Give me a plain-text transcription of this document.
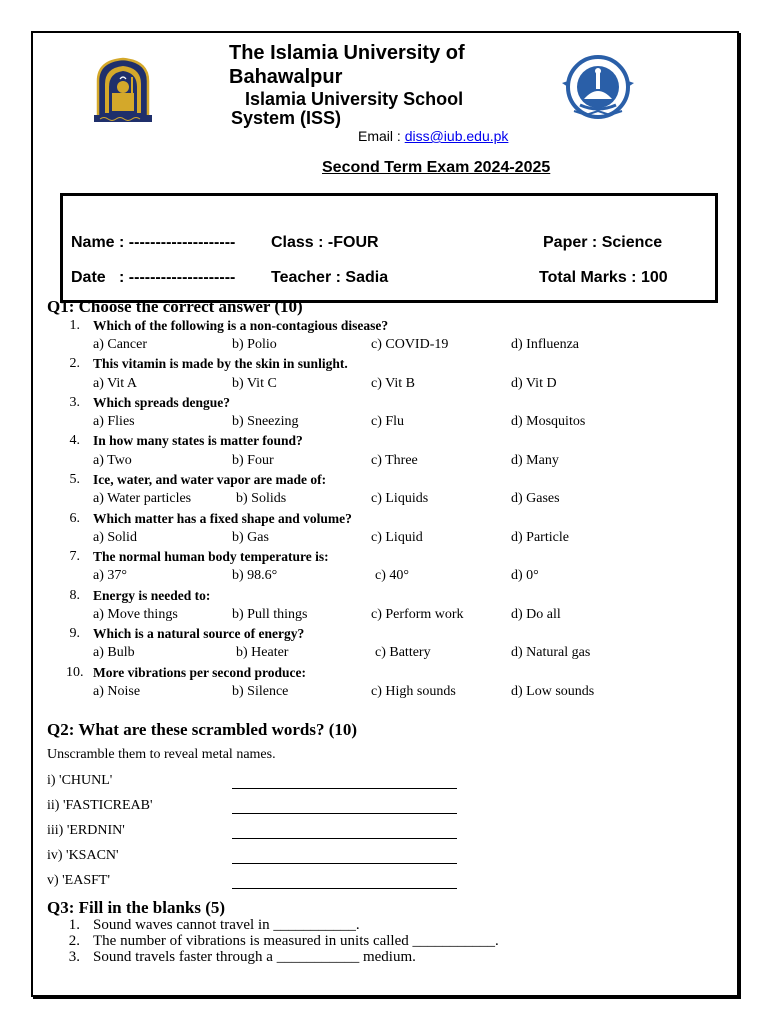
The Islamia University of
Bahawalpur
Islamia University School
System (ISS)
Email : diss@iub.edu.pk
Second Term Exam 2024-2025
Name : -------------------- Class : -FOUR	Paper : Science
Date   : -------------------- Teacher : Sadia	Total Marks : 100
Q1: Choose the correct answer (10)
1. Which of the following is a non-contagious disease?
a) Cancer	b) Polio	c) COVID-19	d) Influenza
2. This vitamin is made by the skin in sunlight.
a) Vit A	b) Vit C	c) Vit B	d) Vit D
3. Which spreads dengue?
a) Flies	b) Sneezing	c) Flu	d) Mosquitos
4. In how many states is matter found?
a) Two	b) Four	c) Three	d) Many
5. Ice, water, and water vapor are made of:
a) Water particles	b) Solids	c) Liquids	d) Gases
6. Which matter has a fixed shape and volume?
a) Solid	b) Gas	c) Liquid	d) Particle
7. The normal human body temperature is:
a) 37°	b) 98.6°	c) 40°	d) 0°
8. Energy is needed to:
a) Move things	b) Pull things	c) Perform work	d) Do all
9. Which is a natural source of energy?
a) Bulb	b) Heater	c) Battery	d) Natural gas
10. More vibrations per second produce:
a) Noise	b) Silence	c) High sounds	d) Low sounds
Q2: What are these scrambled words? (10)
Unscramble them to reveal metal names.
i) 'CHUNL'
ii) 'FASTICREAB'
iii) 'ERDNIN'
iv) 'KSACN'
v) 'EASFT'
Q3: Fill in the blanks (5)
1. Sound waves cannot travel in ___________.
2. The number of vibrations is measured in units called ___________.
3. Sound travels faster through a ___________ medium.
